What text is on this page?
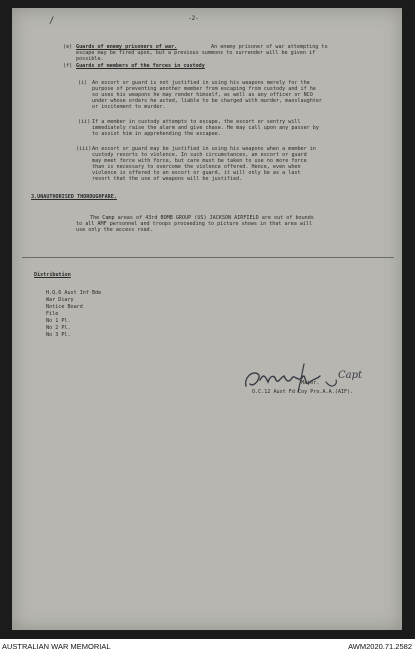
/	-2-
(e) Guards of enemy prisoners of war.	An enemy prisoner of war attempting to
escape may be fired upon, but a previous summons to surrender will be given if
possible.
(f) Guards of members of the forces in custody
(i) An escort or guard is not justified in using his weapons merely for the
purpose of preventing another member from escaping from custody and if he
so uses his weapons he may render himself, as well as any officer or NCO
under whose orders he acted, liable to be charged with murder, manslaughter
or incitement to murder.
(ii) If a member in custody attempts to escape, the escort or sentry will
immediately raise the alarm and give chase. He may call upon any passer by
to assist him in apprehending the escapee.
(iii) An escort or guard may be justified in using his weapons when a member in
custody resorts to violence. In such circumstances, an escort or guard
may meet force with force, but care must be taken to use no more force
than is necessary to overcome the violence offered. Hence, even when
violence is offered to an escort or guard, it will only be as a last
resort that the use of weapons will be justified.
3.UNAUTHORISED THOROUGHFARE.
The Camp areas of 43rd BOMB GROUP (US) JACKSON AIRFIELD are out of bounds
to all AMF personnel and troops proceeding to picture shows in that area will
use only the access road.
Distribution
H.Q.6 Aust Inf Bde
War Diary
Notice Board
File
No 1 Pl.
No 2 Pl.
No 3 Pl.
Capt
Major.
O.C.12 Aust Fd Coy Pro.A.A.(AIF).
AUSTRALIAN WAR MEMORIAL	AWM2020.71.2582
